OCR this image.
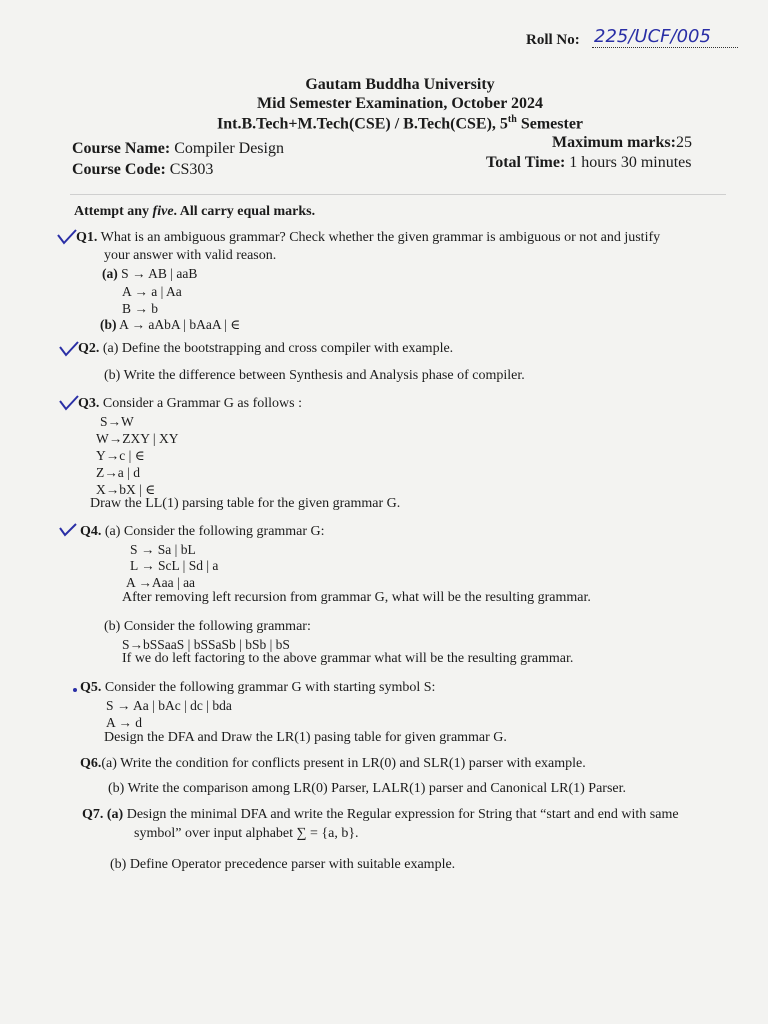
Roll No: 225/UCF/005
Gautam Buddha University
Mid Semester Examination, October 2024
Int.B.Tech+M.Tech(CSE) / B.Tech(CSE), 5th Semester
Course Name: Compiler Design
Course Code: CS303
Maximum marks:25
Total Time: 1 hours 30 minutes
Attempt any five. All carry equal marks.
Q1. What is an ambiguous grammar? Check whether the given grammar is ambiguous or not and justify
your answer with valid reason.
(a) S → AB | aaB
A → a | Aa
B → b
(b) A → aAbA | bAaA | ∈
Q2. (a) Define the bootstrapping and cross compiler with example.
(b) Write the difference between Synthesis and Analysis phase of compiler.
Q3. Consider a Grammar G as follows :
S→W
W→ZXY | XY
Y→c | ∈
Z→a | d
X→bX | ∈
Draw the LL(1) parsing table for the given grammar G.
Q4. (a) Consider the following grammar G:
S → Sa | bL
L → ScL | Sd | a
A →Aaa | aa
After removing left recursion from grammar G, what will be the resulting grammar.
(b) Consider the following grammar:
S→bSSaaS | bSSaSb | bSb | bS
If we do left factoring to the above grammar what will be the resulting grammar.
Q5. Consider the following grammar G with starting symbol S:
S → Aa | bAc | dc | bda
A → d
Design the DFA and Draw the LR(1) pasing table for given grammar G.
Q6.(a) Write the condition for conflicts present in LR(0) and SLR(1) parser with example.
(b) Write the comparison among LR(0) Parser, LALR(1) parser and Canonical LR(1) Parser.
Q7. (a) Design the minimal DFA and write the Regular expression for String that “start and end with same
symbol” over input alphabet ∑ = {a, b}.
(b) Define Operator precedence parser with suitable example.
